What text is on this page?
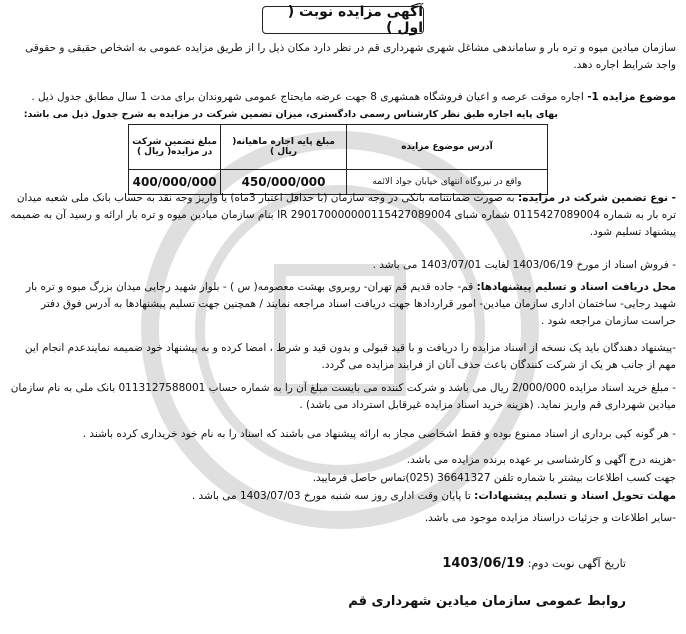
آگهی مزایده نوبت ( اول )
سازمان میادین میوه و تره بار و ساماندهی مشاغل شهری شهرداری قم در نظر دارد مکان ذیل را از طریق مزایده عمومی به اشخاص حقیقی و حقوقی واجد شرایط اجاره دهد.
موضوع مزایده 1- اجاره موقت عرصه و اعیان فروشگاه همشهری 8 جهت عرضه مایحتاج عمومی شهروندان برای مدت 1 سال مطابق جدول ذیل .
بهای پایه اجاره طبق نظر کارشناس رسمی دادگستری، میزان تضمین شرکت در مزایده به شرح جدول ذیل می باشد:
آدرس موضوع مزایده	مبلغ پایه اجاره ماهیانه( ریال )	مبلغ تضمین شرکت در مزایده( ریال )
واقع در نیروگاه انتهای خیابان جواد الائمه	450/000/000	400/000/000
- نوع تضمین شرکت در مزایده: به صورت ضمانتنامه بانکی در وجه سازمان (با حداقل اعتبار 3ماه) یا واریز وجه نقد به حساب بانک ملی شعبه میدان تره بار به شماره 0115427089004 شماره شبای IR 290170000000115427089004 بنام سازمان میادین میوه و تره بار ارائه و رسید آن به ضمیمه پیشنهاد تسلیم شود.
- فروش اسناد از مورخ 1403/06/19 لغایت 1403/07/01 می باشد .
محل دریافت اسناد و تسلیم پیشنهادها: قم- جاده قدیم قم تهران- روبروی بهشت معصومه( س ) - بلوار شهید رجایی میدان بزرگ میوه و تره بار شهید رجایی- ساختمان اداری سازمان میادین- امور قراردادها جهت دریافت اسناد مراجعه نمایند / همچنین جهت تسلیم پیشنهادها به آدرس فوق دفتر حراست سازمان مراجعه شود .
-پیشنهاد دهندگان باید یک نسخه از اسناد مزایده را دریافت و با قید قبولی و بدون قید و شرط ، امضا کرده و به پیشنهاد خود ضمیمه نمایندعدم انجام این مهم از جانب هر یک از شرکت کنندگان باعث حذف آنان از فرایند مزایده می گردد.
- مبلغ خرید اسناد مزایده 2/000/000 ریال می باشد و شرکت کننده می بایست مبلغ آن را به شماره حساب 0113127588001 بانک ملی به نام سازمان میادین شهرداری قم واریز نماید. (هزینه خرید اسناد مزایده غیرقابل استرداد می باشد) .
- هر گونه کپی برداری از اسناد ممنوع بوده و فقط اشخاصی مجاز به ارائه پیشنهاد می باشند که اسناد را به نام خود خریداری کرده باشند .
-هزینه درج آگهی و کارشناسی بر عهده برنده مزایده می باشد.
جهت کسب اطلاعات بیشتر با شماره تلفن 36641327 (025)تماس حاصل فرمایید.
مهلت تحویل اسناد و تسلیم پیشنهادات: تا پایان وقت اداری روز سه شنبه مورخ 1403/07/03 می باشد .
-سایر اطلاعات و جزئیات دراسناد مزایده موجود می باشد.
تاریخ آگهی نوبت دوم: 1403/06/19
روابط عمومی سازمان میادین شهرداری قم
